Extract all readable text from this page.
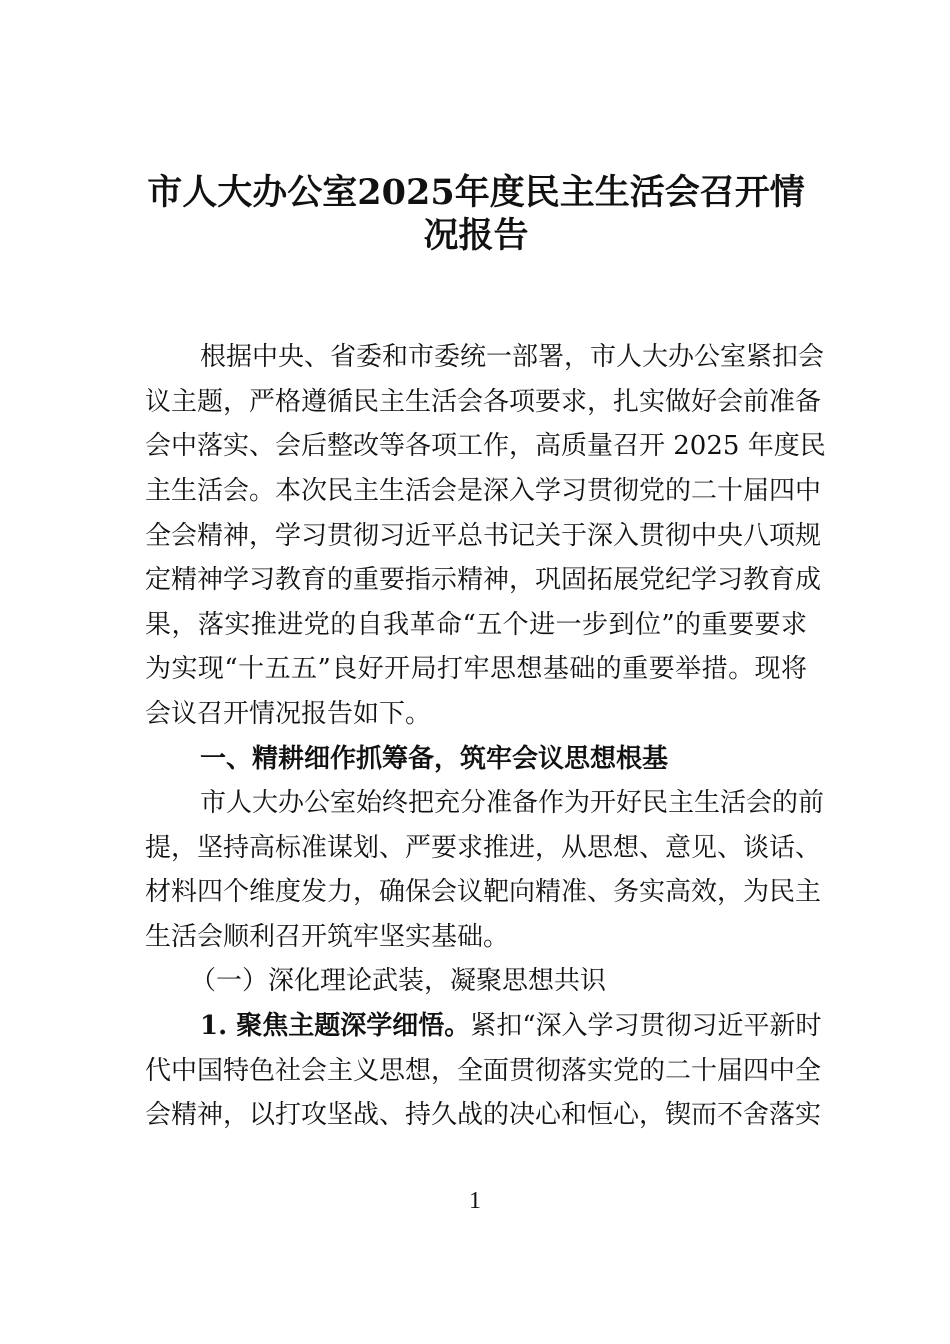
市人大办公室2025年度民主生活会召开情
况报告
根据中央、省委和市委统一部署，市人大办公室紧扣会
议主题，严格遵循民主生活会各项要求，扎实做好会前准备
会中落实、会后整改等各项工作，高质量召开 2025 年度民
主生活会。本次民主生活会是深入学习贯彻党的二十届四中
全会精神，学习贯彻习近平总书记关于深入贯彻中央八项规
定精神学习教育的重要指示精神，巩固拓展党纪学习教育成
果，落实推进党的自我革命“五个进一步到位”的重要要求
为实现“十五五”良好开局打牢思想基础的重要举措。现将
会议召开情况报告如下。
一、精耕细作抓筹备，筑牢会议思想根基
市人大办公室始终把充分准备作为开好民主生活会的前
提，坚持高标准谋划、严要求推进，从思想、意见、谈话、
材料四个维度发力，确保会议靶向精准、务实高效，为民主
生活会顺利召开筑牢坚实基础。
（一）深化理论武装，凝聚思想共识
1. 聚焦主题深学细悟。紧扣“深入学习贯彻习近平新时
代中国特色社会主义思想，全面贯彻落实党的二十届四中全
会精神，以打攻坚战、持久战的决心和恒心，锲而不舍落实
1
